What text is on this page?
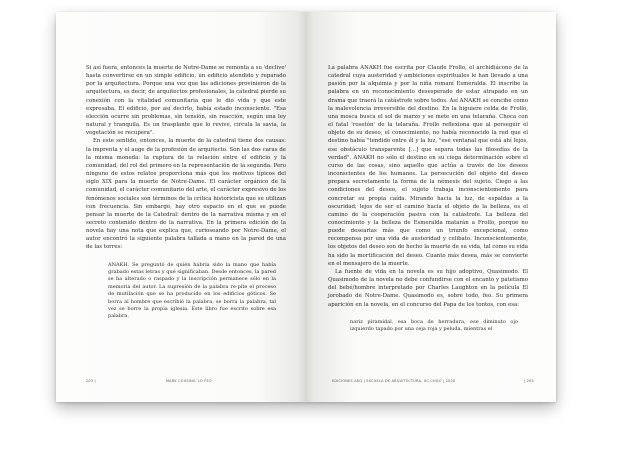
Si así fuera, entonces la muerte de Notre-Dame se remonta a su 'declive' hasta convertirse en un simple edificio, un edificio atendido y reparado por la arquitectura. Porque una vez que las adiciones provinieron de la arquitectura, es decir, de arquitectos profesionales, la catedral pierde su conexión con la vitalidad comunitaria que le dio vida y que este expresaba. El edificio, por así decirlo, había estado inconsciente. "Esa elección ocurre sin problemas, sin tensión, sin reacción, según una ley natural y tranquila. Es un trasplante que lo revive, circula la savia, la vegetación se recupera".

En este sentido, entonces, la muerte de la catedral tiene dos causas: la imprenta y el auge de la profesión de arquitecto. Son las dos caras de la misma moneda: la ruptura de la relación entre el edificio y la comunidad, del rol del primero en la representación de la segunda. Pero ninguno de estos relatos proporciona más que los motivos típicos del siglo XIX para la muerte de Notre-Dame. El carácter orgánico de la comunidad, el carácter comunitario del arte, el carácter expresivo de los fenómenos sociales son términos de la crítica historicista que se utilizan con frecuencia. Sin embargo, hay otro espacio en el que se puede pensar la muerte de la Catedral: dentro de la narrativa misma y en el secreto contenido dentro de la narrativa. En la primera edición de la novela hay una nota que explica que, curioseando por Notre-Dame, el autor encontró la siguiente palabra tallada a mano en la pared de una de las torres:

ANAKH. Se preguntó de quién habría sido la mano que había grabado estas letras y qué significaban. Desde entonces, la pared se ha alterado o raspado y la inscripción permanece sólo en la memoria del autor. La supresión de la palabra re-pite el proceso de mutilación que se ha producido en los edificios góticos. Se borra al hombre que escribió la palabra, se borra la palabra, tal vez se borre la propia iglesia. Este libro fue escrito sobre esa palabra.

203 |	MARK COUSINS: LO FEO

La palabra ANAKH fue escrita por Claude Frollo, el archidiácono de la catedral cuya austeridad y ambiciones espirituales le han llevado a una pasión por la alquimia y por la niña romaní Esmeralda. El inscribe la palabra en un reconocimiento desesperado de estar atrapado en un drama que traerá la catástrofe sobre todos. Así ANAKH se concibe como la malevolencia irreversible del destino. En la higuiere celda de Frollo, una mosca busca el sol de marzo y se mete en una telaraña. Choca con el fatal 'rosetón' de la telaraña. Frollo reflexiona que al perseguir el objeto de su deseo, el conocimiento, no había reconocido la red que el destino había "tendido entre él y la luz, "ese ventanal que está ahí lejos, ese obstáculo transparente [...] que separa todas las filosofías de la verdad". ANAKH no sólo el destino en su ciega determinación sobre el curso de las cosas, sino aquello que actúa a través de los deseos inconscientes de los humanos. La persecución del objeto del deseo prepara secretamente la forma de la némesis del sujeto. Ciego a las condiciones del deseo, el sujeto trabaja inconscientemente para concretar su propia caída. Mirando hacia la luz, de espaldas a la oscuridad; lejos de ser el camino hacia el objeto de la belleza, es el camino de la cooperación pasiva con la catástrofe. La belleza del conocimiento y la belleza de Esmeralda matarán a Frollo, porque no puede desearlas más que como un triunfo excepcional, como recompensa por una vida de austeridad y celibato. Inconscientemente, los objetos del deseo son de hecho la muerte de su vida, tal como su vida ha sido la mortificación del deseo. Cuanto más desea, más se convierte en el mensajero de la muerte.

La fuente de vida en la novela es su hijo adoptivo, Quasimodo. El Quasimodo de la novela no debe confundirse con el encanto y patetismo del bebé/hombre interpretado por Charles Laughton en la película El jorobado de Notre-Dame. Quasimodo es, sobre todo, feo. Su primera aparición en la novela, en el concurso del Papa de los tontos, con esa:

nariz piramidal, esa boca de herradura, ese diminuto ojo izquierdo tapado por una ceja roja y peluda, mientras el

EDICIONES ARQ | ESCUELA DE ARQUITECTURA, UC CHILE | 2020	| 205
